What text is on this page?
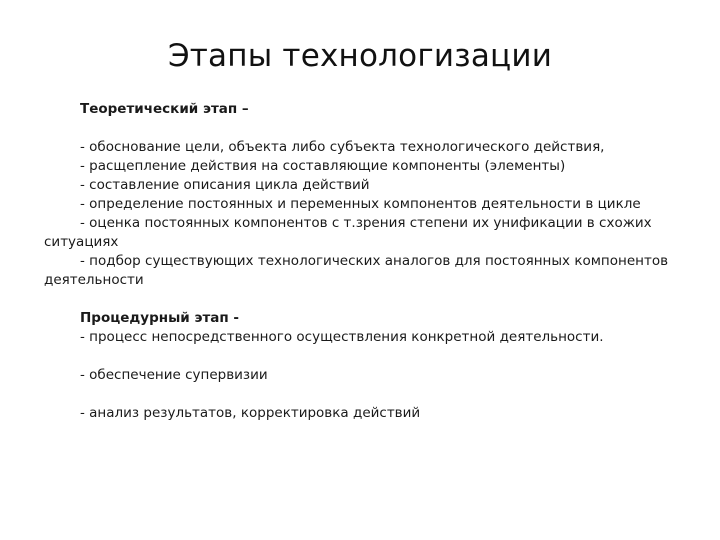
Этапы технологизации

Теоретический этап –

- обоснование цели, объекта либо субъекта технологического действия,

- расщепление действия на составляющие компоненты (элементы)

- составление описания цикла действий

- определение постоянных и переменных компонентов деятельности в цикле

- оценка постоянных компонентов с т.зрения степени их унификации в схожих ситуациях

- подбор существующих технологических аналогов для постоянных компонентов деятельности

Процедурный этап -

- процесс непосредственного осуществления конкретной деятельности.

- обеспечение супервизии

- анализ результатов, корректировка действий
